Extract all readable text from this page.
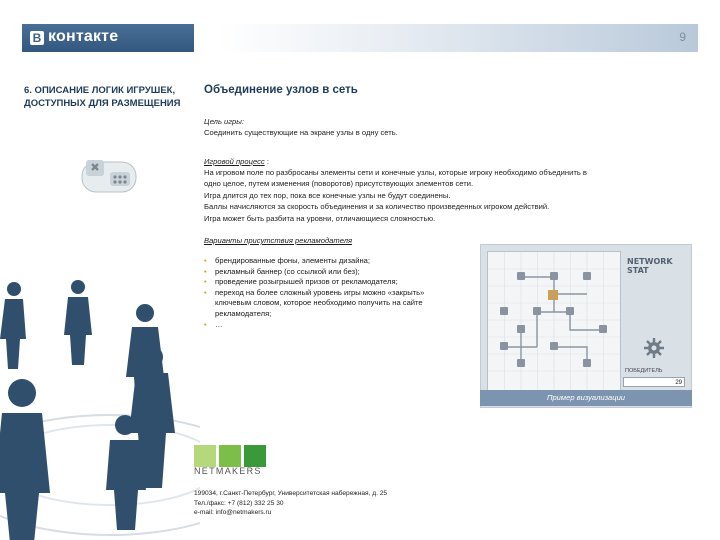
B контакте	9
6. ОПИСАНИЕ ЛОГИК ИГРУШЕК, ДОСТУПНЫХ ДЛЯ РАЗМЕЩЕНИЯ
Объединение узлов в сеть
Цель игры:
Соединить существующие на экране узлы в одну сеть.
Игровой процесс :
На игровом поле по разбросаны элементы сети и конечные узлы, которые игроку необходимо объединить в
одно целое, путем изменения (поворотов) присутствующих элементов сети.
Игра длится до тех пор, пока все конечные узлы не будут соединены.
Баллы начисляются за скорость объединения и за количество произведенных игроком действий.
Игра может быть разбита на уровни, отличающиеся сложностью.
Варианты присутствия рекламодателя
• брендированные фоны, элементы дизайна;
• рекламный баннер (со ссылкой или без);
• проведение розыгрышей призов от рекламодателя;
• переход на более сложный уровень игры можно «закрыть» ключевым словом, которое необходимо получить на сайте рекламодателя;
• …
NETWORK STAT
ПОБЕДИТЕЛЬ
29
Пример визуализации
NETMAKERS
199034, г.Санкт-Петербург, Университетская набережная, д. 25
Тел./факс: +7 (812) 332 25 30
e-mail: info@netmakers.ru
